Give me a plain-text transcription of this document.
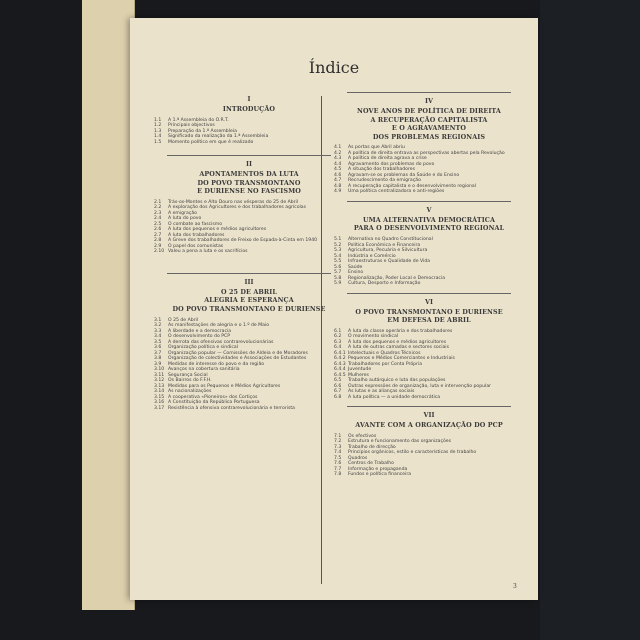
Índice
I
INTRODUÇÃO
1.1	A 1.ª Assembleia do O.R.T.
1.2	Principais objectivos
1.3	Preparação da 1.ª Assembleia
1.4	Significado da realização da 1.ª Assembleia
1.5	Momento político em que é realizado
II
APONTAMENTOS DA LUTA
DO POVO TRANSMONTANO
E DURIENSE NO FASCISMO
2.1	Trás-os-Montes e Alto Douro nas vésperas do 25 de Abril
2.2	A exploração dos Agricultores e dos trabalhadores agrícolas
2.3	A emigração
2.4	A luta do povo
2.5	O combate ao fascismo
2.6	A luta dos pequenos e médios agricultores
2.7	A luta dos trabalhadores
2.8	A Greve dos trabalhadores de Freixo de Espada-à-Cinta em 1940
2.9	O papel dos comunistas
2.10 Valeu a pena a luta e os sacrifícios
III
O 25 DE ABRIL
ALEGRIA E ESPERANÇA
DO POVO TRANSMONTANO E DURIENSE
3.1	O 25 de Abril
3.2	As manifestações de alegria e o 1.º de Maio
3.3	A liberdade e a democracia
3.4	O desenvolvimento do PCP
3.5	A derrota das ofensivas contrarevolucionárias
3.6	Organização política e sindical
3.7	Organização popular — Comissões de Aldeia e de Moradores
3.8	Organização de colectividades e Associações de Estudantes
3.9	Medidas de interesse do povo e da região
3.10 Avanços na cobertura sanitária
3.11 Segurança Social
3.12 Os Bairros do F.F.H.
3.13 Medidas para os Pequenos e Médios Agricultores
3.14 As nacionalizações
3.15 A cooperativa «Pioneiros» dos Cortiços
3.16 A Constituição da República Portuguesa
3.17 Resistência à ofensiva contrarevolucionária e terrorista
IV
NOVE ANOS DE POLÍTICA DE DIREITA
A RECUPERAÇÃO CAPITALISTA
E O AGRAVAMENTO
DOS PROBLEMAS REGIONAIS
4.1	As portas que Abril abriu
4.2	A política de direita entrava as perspectivas abertas pela Revolução
4.3	A política de direita agrava a crise
4.4	Agravamento dos problemas do povo
4.5	A situação dos trabalhadores
4.6	Agravam-se os problemas da Saúde e do Ensino
4.7	Recrudescimento da emigração
4.8	A recuperação capitalista e o desenvolvimento regional
4.9	Uma política centralizadora e anti-regiões
V
UMA ALTERNATIVA DEMOCRÁTICA
PARA O DESENVOLVIMENTO REGIONAL
5.1	Alternativa no Quadro Constitucional
5.2	Política Económica e Financeira
5.3	Agricultura, Pecuária e Silvicultura
5.4	Indústria e Comércio
5.5	Infraestruturas e Qualidade de Vida
5.6	Saúde
5.7	Ensino
5.8	Regionalização, Poder Local e Democracia
5.9	Cultura, Desporto e Informação
VI
O POVO TRANSMONTANO E DURIENSE
EM DEFESA DE ABRIL
6.1	A luta da classe operária e dos trabalhadores
6.2	O movimento sindical
6.3	A luta dos pequenos e médios agricultores
6.4	A luta de outras camadas e sectores sociais
6.4.1 Intelectuais e Quadros Técnicos
6.4.2 Pequenos e Médios Comerciantes e Industriais
6.4.3 Trabalhadores por Conta Própria
6.4.4 Juventude
6.4.5 Mulheres
6.5	Trabalho autárquico e luta das populações
6.6	Outras expressões de organização, luta e intervenção popular
6.7	As lutas e as alianças sociais
6.8	A luta política — a unidade democrática
VII
AVANTE COM A ORGANIZAÇÃO DO PCP
7.1	Os efectivos
7.2	Estrutura e funcionamento das organizações
7.3	Trabalho de direcção
7.4	Princípios orgânicos, estilo e características de trabalho
7.5	Quadros
7.6	Centros de Trabalho
7.7	Informação e propaganda
7.8	Fundos e política financeira
3
